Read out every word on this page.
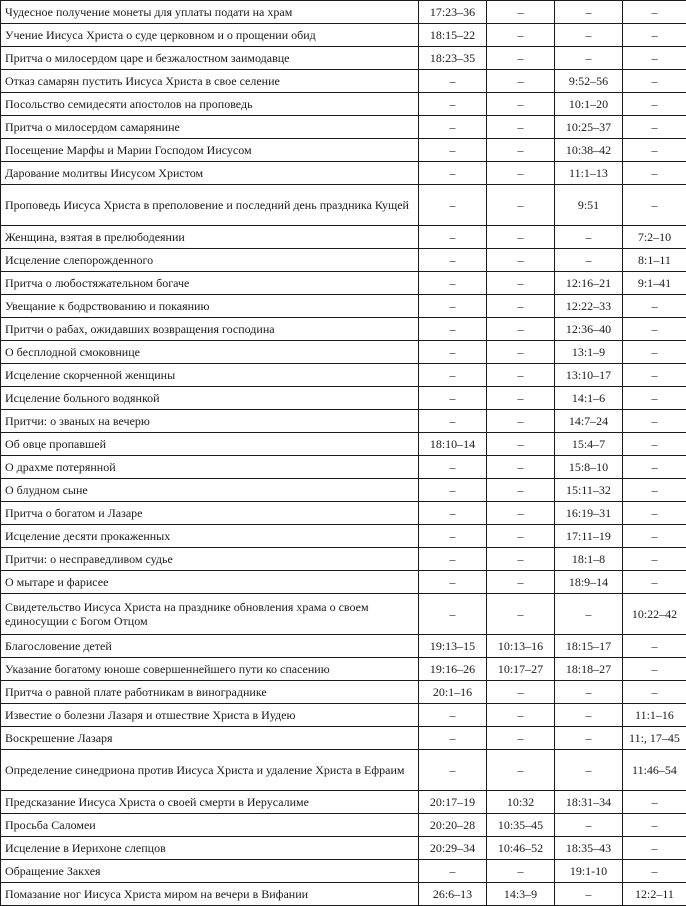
Чудесное получение монеты для уплаты подати на храм	17:23–36	–	–	–
Учение Иисуса Христа о суде церковном и о прощении обид	18:15–22	–	–	–
Притча о милосердом царе и безжалостном заимодавце	18:23–35	–	–	–
Отказ самарян пустить Иисуса Христа в свое селение	–	–	9:52–56	–
Посольство семидесяти апостолов на проповедь	–	–	10:1–20	–
Притча о милосердом самарянине	–	–	10:25–37	–
Посещение Марфы и Марии Господом Иисусом	–	–	10:38–42	–
Дарование молитвы Иисусом Христом	–	–	11:1–13	–
Проповедь Иисуса Христа в преполовение и последний день праздника Кущей	–	–	9:51	–
Женщина, взятая в прелюбодеянии	–	–	–	7:2–10
Исцеление слепорожденного	–	–	–	8:1–11
Притча о любостяжательном богаче	–	–	12:16–21	9:1–41
Увещание к бодрствованию и покаянию	–	–	12:22–33	–
Притчи о рабах, ожидавших возвращения господина	–	–	12:36–40	–
О бесплодной смоковнице	–	–	13:1–9	–
Исцеление скорченной женщины	–	–	13:10–17	–
Исцеление больного водянкой	–	–	14:1–6	–
Притчи: о званых на вечерю	–	–	14:7–24	–
Об овце пропавшей	18:10–14	–	15:4–7	–
О драхме потерянной	–	–	15:8–10	–
О блудном сыне	–	–	15:11–32	–
Притча о богатом и Лазаре	–	–	16:19–31	–
Исцеление десяти прокаженных	–	–	17:11–19	–
Притчи: о несправедливом судье	–	–	18:1–8	–
О мытаре и фарисее	–	–	18:9–14	–
Свидетельство Иисуса Христа на празднике обновления храма о своем единосущии с Богом Отцом	–	–	–	10:22–42
Благословение детей	19:13–15	10:13–16	18:15–17	–
Указание богатому юноше совершеннейшего пути ко спасению	19:16–26	10:17–27	18:18–27	–
Притча о равной плате работникам в винограднике	20:1–16	–	–	–
Известие о болезни Лазаря и отшествие Христа в Иудею	–	–	–	11:1–16
Воскрешение Лазаря	–	–	–	11:, 17–45
Определение синедриона против Иисуса Христа и удаление Христа в Ефраим	–	–	–	11:46–54
Предсказание Иисуса Христа о своей смерти в Иерусалиме	20:17–19	10:32	18:31–34	–
Просьба Саломеи	20:20–28	10:35–45	–	–
Исцеление в Иерихоне слепцов	20:29–34	10:46–52	18:35–43	–
Обращение Закхея	–	–	19:1-10	–
Помазание ног Иисуса Христа миром на вечери в Вифании	26:6–13	14:3–9	–	12:2–11
